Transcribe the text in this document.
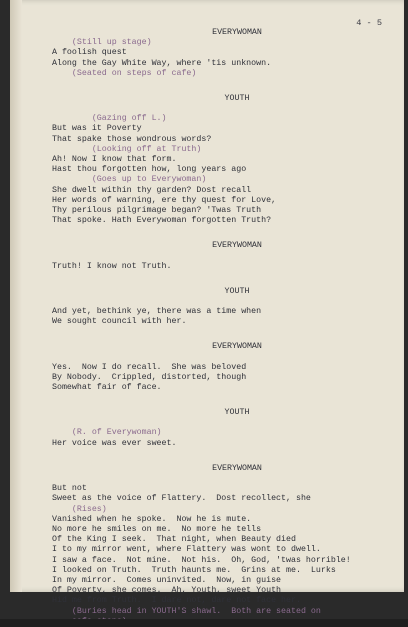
4 - 5
EVERYWOMAN
(Still up stage)
A foolish quest
Along the Gay White Way, where 'tis unknown.
(Seated on steps of cafe)
YOUTH
(Gazing off L.)
But was it Poverty
That spake those wondrous words?
(Looking off at Truth)
Ah! Now I know that form.
Hast thou forgotten how, long years ago
(Goes up to Everywoman)
She dwelt within thy garden? Dost recall
Her words of warning, ere thy quest for Love,
Thy perilous pilgrimage began? 'Twas Truth
That spoke. Hath Everywoman forgotten Truth?
EVERYWOMAN
Truth! I know not Truth.
YOUTH
And yet, bethink ye, there was a time when
We sought council with her.
EVERYWOMAN
Yes.  Now I do recall.  She was beloved
By Nobody.  Crippled, distorted, though
Somewhat fair of face.
YOUTH
(R. of Everywoman)
Her voice was ever sweet.
EVERYWOMAN
But not
Sweet as the voice of Flattery.  Dost recollect, she
(Rises)
Vanished when he spoke.  Now he is mute.
No more he smiles on me.  No more he tells
Of the King I seek.  That night, when Beauty died
I to my mirror went, where Flattery was wont to dwell.
I saw a face.  Not mine.  Not his.  Oh, God, 'twas horrible!
I looked on Truth.  Truth haunts me.  Grins at me.  Lurks
In my mirror.  Comes uninvited.  Now, in guise
Of Poverty, she comes.  Ah, Youth, sweet Youth
Hid me from Truth.  I dare not, dare not face her.
(Buries head in YOUTH'S shawl.  Both are seated on
